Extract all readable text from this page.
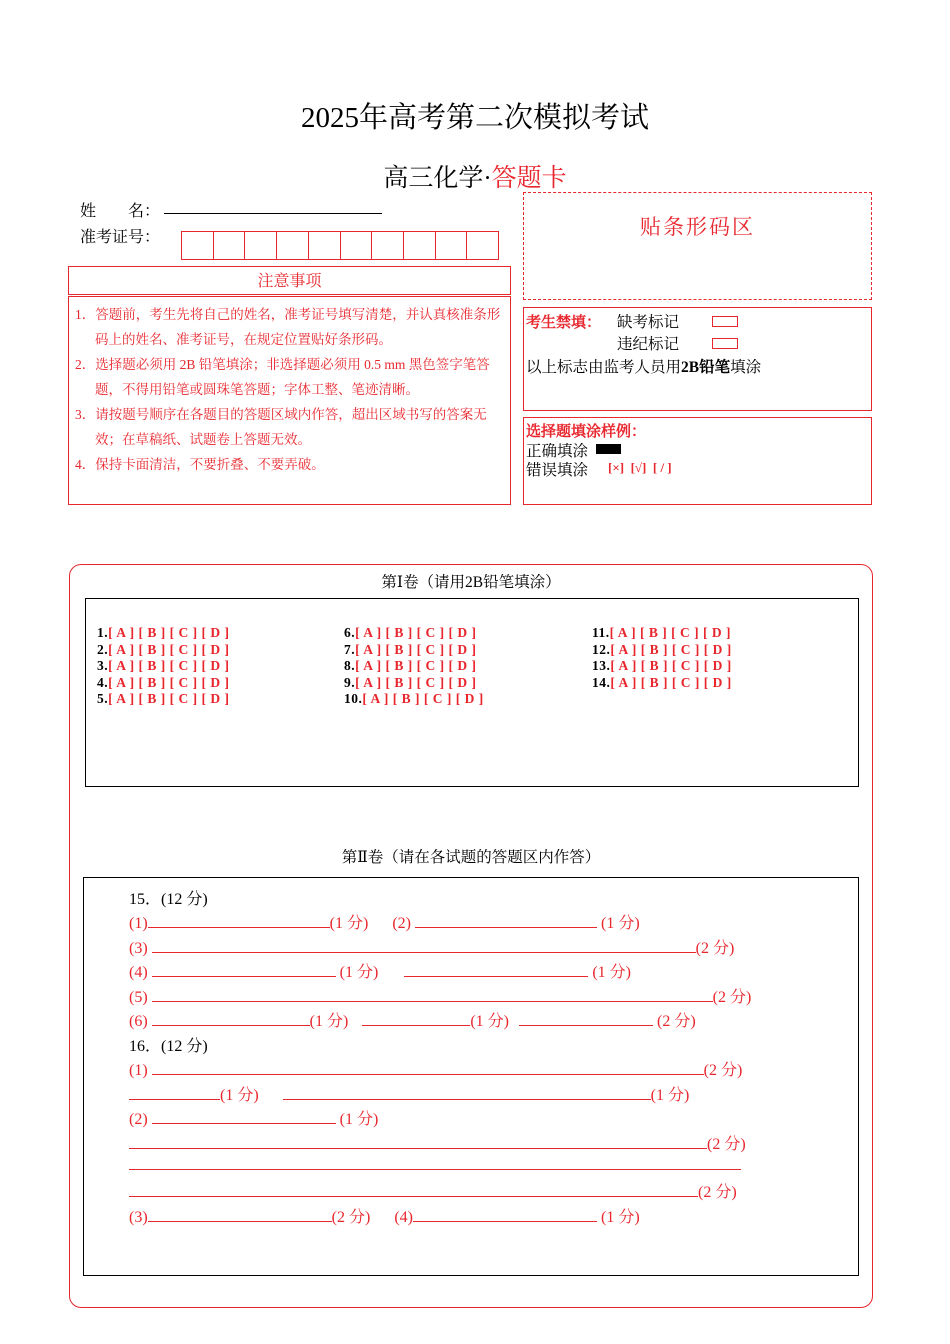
2025年高考第二次模拟考试
高三化学·答题卡
姓　　名：
准考证号：
注意事项

1．答题前，考生先将自己的姓名，准考证号填写清楚，并认真核准条形码上的姓名、准考证号，在规定位置贴好条形码。

2．选择题必须用 2B 铅笔填涂；非选择题必须用 0.5 mm 黑色签字笔答题，不得用铅笔或圆珠笔答题；字体工整、笔迹清晰。

3．请按题号顺序在各题目的答题区域内作答，超出区域书写的答案无效；在草稿纸、试题卷上答题无效。

4．保持卡面清洁，不要折叠、不要弄破。

贴条形码区
考生禁填： 缺考标记
违纪标记
以上标志由监考人员用2B铅笔填涂
选择题填涂样例：
正确填涂
错误填涂 [×]  [√]  [ / ]
第Ⅰ卷（请用2B铅笔填涂）
1.[ A ] [ B ] [ C ] [ D ]
2.[ A ] [ B ] [ C ] [ D ]
3.[ A ] [ B ] [ C ] [ D ]
4.[ A ] [ B ] [ C ] [ D ]
5.[ A ] [ B ] [ C ] [ D ]
6.[ A ] [ B ] [ C ] [ D ]
7.[ A ] [ B ] [ C ] [ D ]
8.[ A ] [ B ] [ C ] [ D ]
9.[ A ] [ B ] [ C ] [ D ]
10.[ A ] [ B ] [ C ] [ D ]
11.[ A ] [ B ] [ C ] [ D ]
12.[ A ] [ B ] [ C ] [ D ]
13.[ A ] [ B ] [ C ] [ D ]
14.[ A ] [ B ] [ C ] [ D ]
第Ⅱ卷（请在各试题的答题区内作答）
15．(12 分)
(1)	(1 分) (2)	(1 分)
(3)	(2 分)
(4)	(1 分)	(1 分)
(5)	(2 分)
(6)	(1 分)	(1 分)	(2 分)
16．(12 分)
(1)	(2 分)
(1 分)	(1 分)
(2)	(1 分)
(2 分)
(2 分)
(3)	(2 分) (4)	(1 分)
